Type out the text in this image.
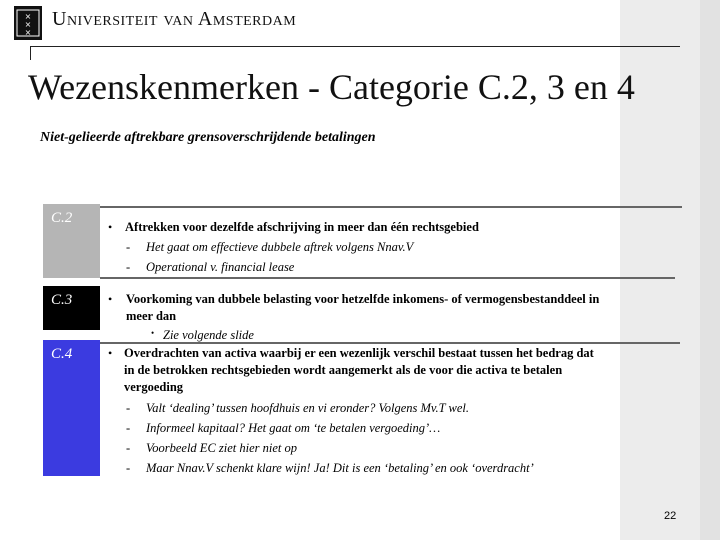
×
×
×
Universiteit van Amsterdam
Wezenskenmerken - Categorie C.2, 3 en 4
Niet-gelieerde aftrekbare grensoverschrijdende betalingen
C.2
C.3
C.4
• Aftrekken voor dezelfde afschrijving in meer dan één rechtsgebied
- Het gaat om effectieve dubbele aftrek volgens Nnav.V
- Operational v. financial lease
• Voorkoming van dubbele belasting voor hetzelfde inkomens- of vermogensbestanddeel in
meer dan
• Zie volgende slide
• Overdrachten van activa waarbij er een wezenlijk verschil bestaat tussen het bedrag dat
in de betrokken rechtsgebieden wordt aangemerkt als de voor die activa te betalen
vergoeding
- Valt ‘dealing’ tussen hoofdhuis en vi eronder? Volgens Mv.T wel.
- Informeel kapitaal? Het gaat om ‘te betalen vergoeding’…
- Voorbeeld EC ziet hier niet op
- Maar Nnav.V schenkt klare wijn! Ja! Dit is een ‘betaling’ en ook ‘overdracht’
22
